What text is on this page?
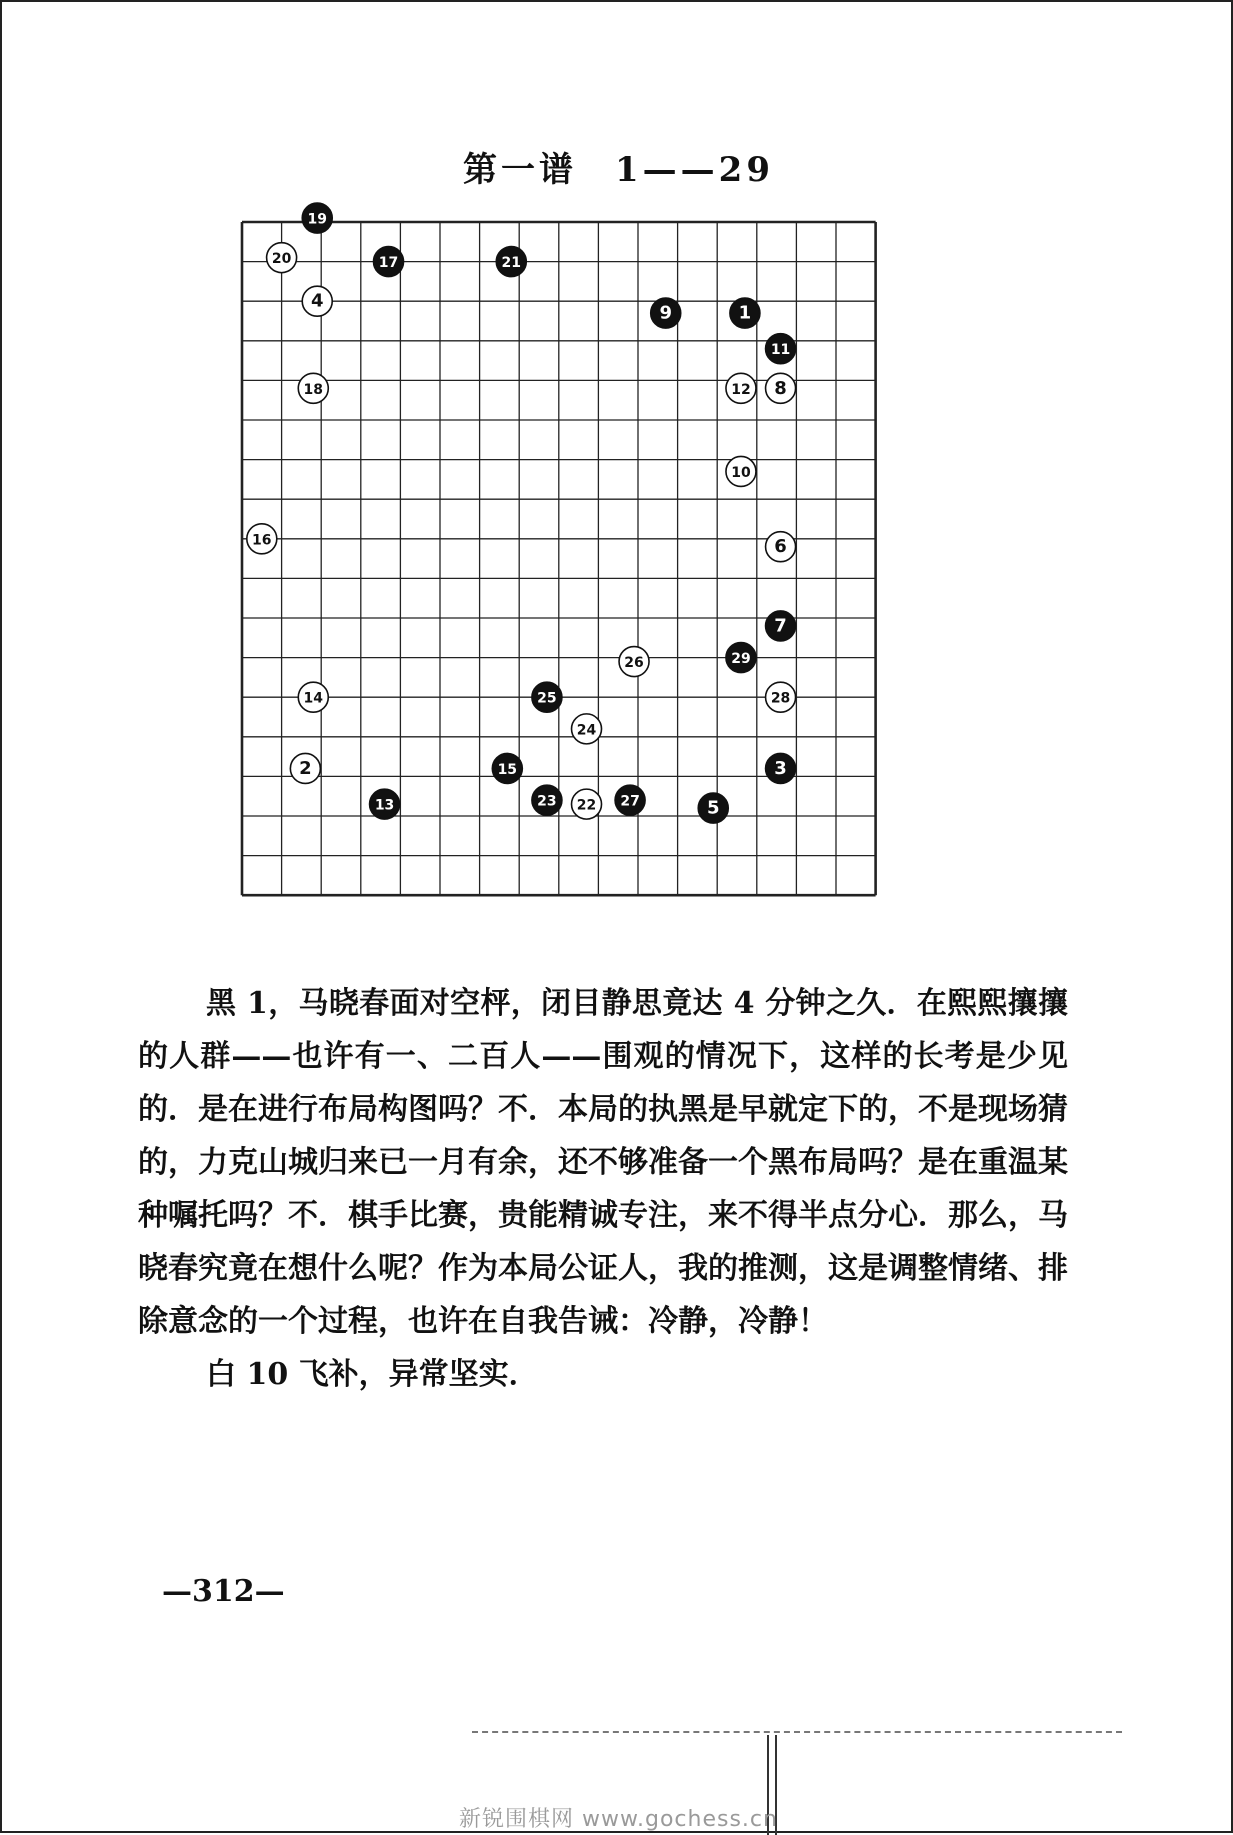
第一谱　1——29
1
2	3
4
5
6
7
8
9
10
11
12
13
14
15
16
17
18
19
20	21
22
23
24
25
26
27
28
29

黑 1，马晓春面对空枰，闭目静思竟达 4 分钟之久．在熙熙攘攘的人群——也许有一、二百人——围观的情况下，这样的长考是少见的．是在进行布局构图吗？不．本局的执黑是早就定下的，不是现场猜的，力克山城归来已一月有余，还不够准备一个黑布局吗？是在重温某种嘱托吗？不．棋手比赛，贵能精诚专注，来不得半点分心．那么，马晓春究竟在想什么呢？作为本局公证人，我的推测，这是调整情绪、排除意念的一个过程，也许在自我告诫：冷静，冷静！

白 10 飞补，异常坚实．

—312—
新锐围棋网 www.gochess.cn
